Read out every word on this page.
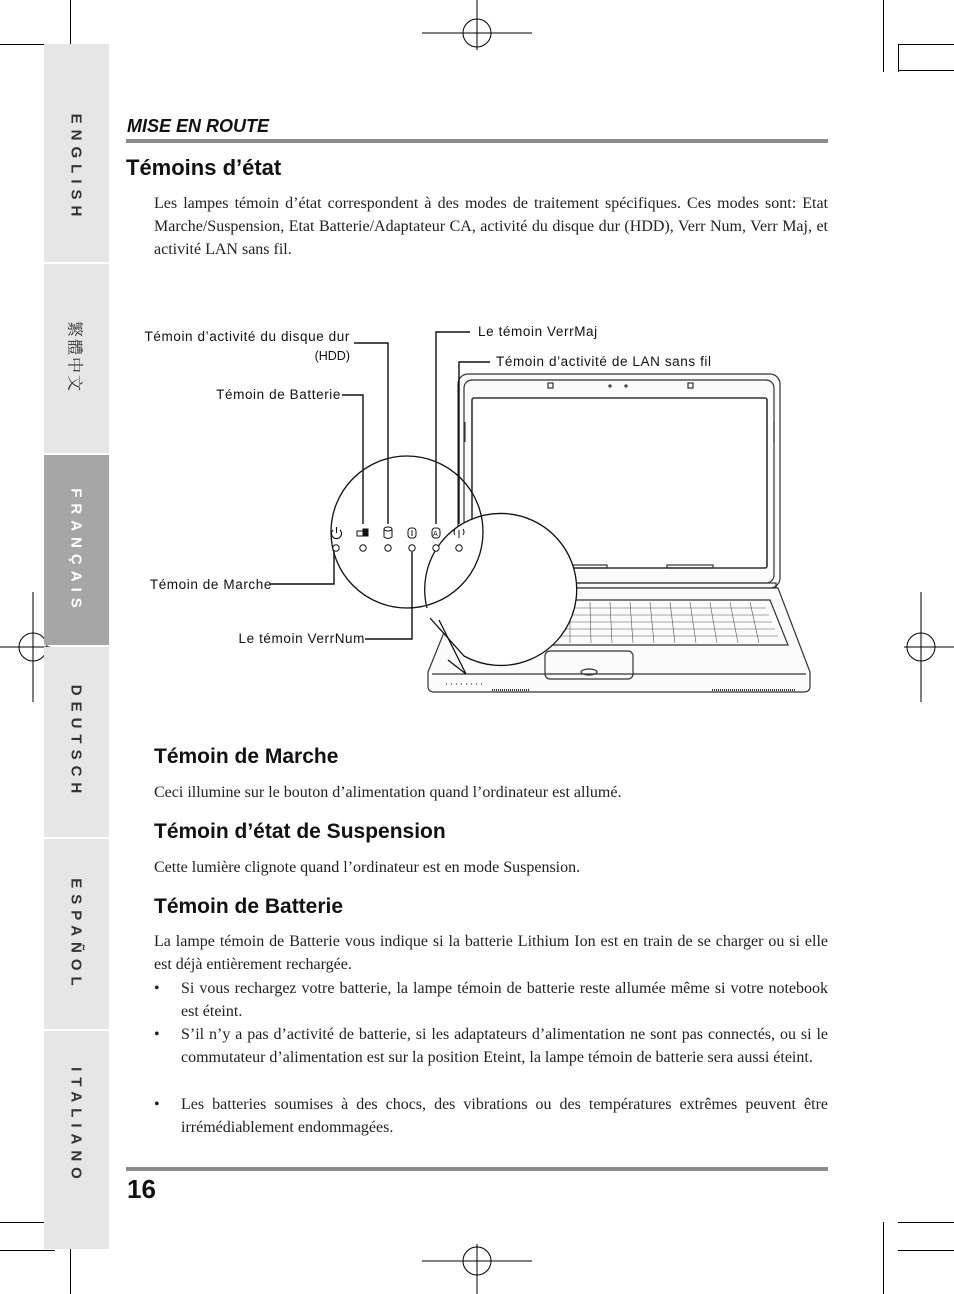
ENGLISH
繁體中文
FRANÇAIS
DEUTSCH
ESPAÑOL
ITALIANO
MISE EN ROUTE
Témoins d’état

Les lampes témoin d’état correspondent à des modes de traitement spécifiques. Ces modes sont: Etat Marche/Suspension, Etat Batterie/Adaptateur CA, activité du disque dur (HDD), Verr Num, Verr Maj, et activité LAN sans fil.

A
Témoin d’activité du disque dur
(HDD)
Témoin de Batterie
Témoin de Marche
Le témoin VerrNum
Le témoin VerrMaj
Témoin d’activité de LAN sans fil
Témoin de Marche

Ceci illumine sur le bouton d’alimentation quand l’ordinateur est allumé.

Témoin d’état de Suspension

Cette lumière clignote quand l’ordinateur est en mode Suspension.

Témoin de Batterie

La lampe témoin de Batterie vous indique si la batterie Lithium Ion est en train de se charger ou si elle est déjà entièrement rechargée.

• Si vous rechargez votre batterie, la lampe témoin de batterie reste allumée même si votre notebook est éteint.
• S’il n’y a pas d’activité de batterie, si les adaptateurs d’alimentation ne sont pas connectés, ou si le commutateur d’alimentation est sur la position Eteint, la lampe témoin de batterie sera aussi éteint.
• Les batteries soumises à des chocs, des vibrations ou des températures extrêmes peuvent être irrémédiablement endommagées.
16
